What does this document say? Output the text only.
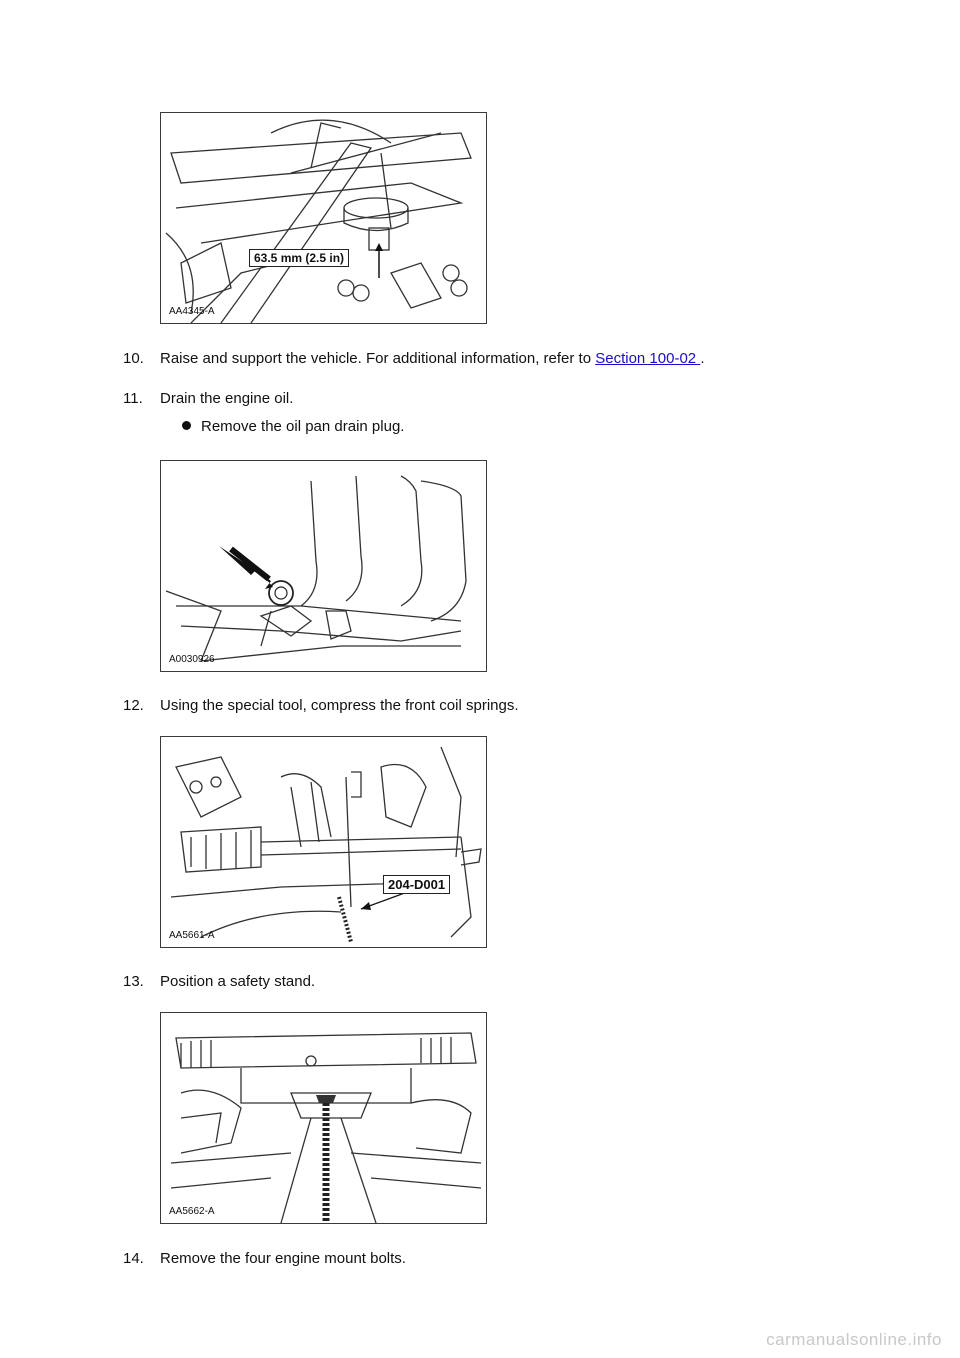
63.5 mm (2.5 in)
AA4345-A
10. Raise and support the vehicle. For additional information, refer to Section 100-02 .
11. Drain the engine oil.
Remove the oil pan drain plug.
A0030926
12. Using the special tool, compress the front coil springs.
204-D001
AA5661-A
13. Position a safety stand.
AA5662-A
14. Remove the four engine mount bolts.
carmanualsonline.info
